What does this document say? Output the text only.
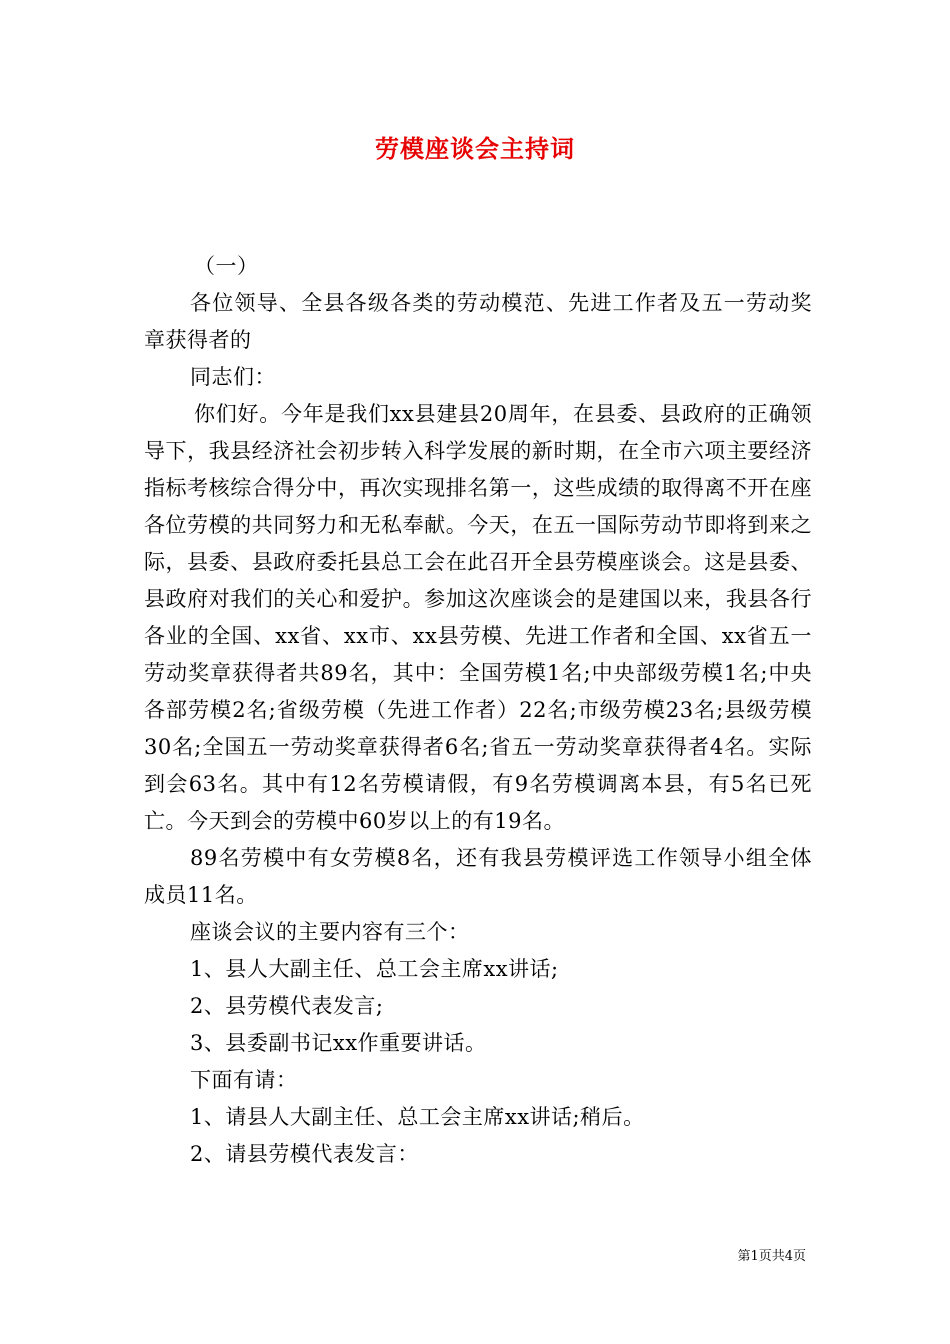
劳模座谈会主持词

（一）

各位领导、全县各级各类的劳动模范、先进工作者及五一劳动奖章获得者的

同志们：

你们好。今年是我们xx县建县20周年，在县委、县政府的正确领导下，我县经济社会初步转入科学发展的新时期，在全市六项主要经济指标考核综合得分中，再次实现排名第一，这些成绩的取得离不开在座各位劳模的共同努力和无私奉献。今天，在五一国际劳动节即将到来之际，县委、县政府委托县总工会在此召开全县劳模座谈会。这是县委、县政府对我们的关心和爱护。参加这次座谈会的是建国以来，我县各行各业的全国、xx省、xx市、xx县劳模、先进工作者和全国、xx省五一劳动奖章获得者共89名，其中：全国劳模1名;中央部级劳模1名;中央各部劳模2名;省级劳模（先进工作者）22名;市级劳模23名;县级劳模30名;全国五一劳动奖章获得者6名;省五一劳动奖章获得者4名。实际到会63名。其中有12名劳模请假，有9名劳模调离本县，有5名已死亡。今天到会的劳模中60岁以上的有19名。

89名劳模中有女劳模8名，还有我县劳模评选工作领导小组全体成员11名。

座谈会议的主要内容有三个：

1、县人大副主任、总工会主席xx讲话;

2、县劳模代表发言;

3、县委副书记xx作重要讲话。

下面有请：

1、请县人大副主任、总工会主席xx讲话;稍后。

2、请县劳模代表发言：

第1页共4页
